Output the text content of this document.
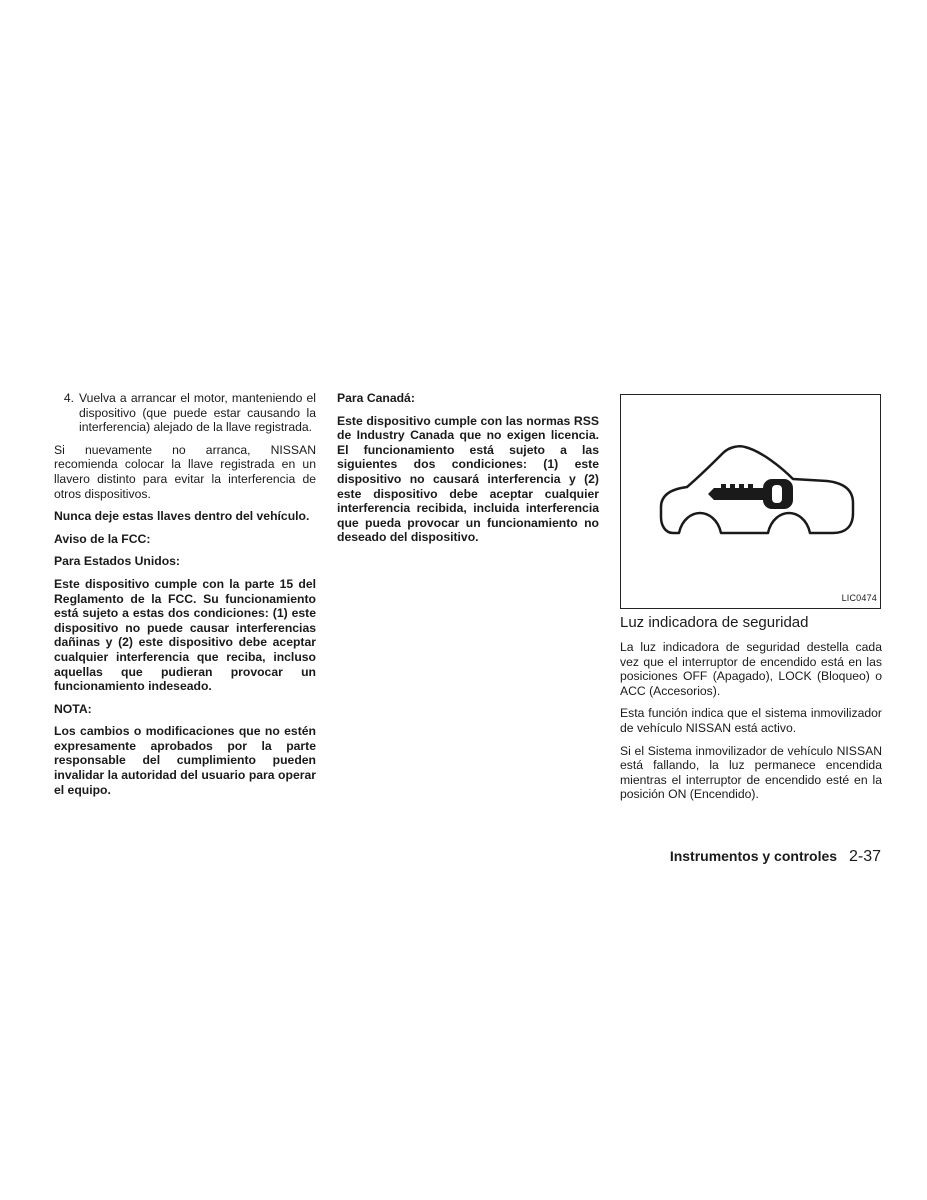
4. Vuelva a arrancar el motor, manteniendo el dispositivo (que puede estar causando la interferencia) alejado de la llave registrada.

Si nuevamente no arranca, NISSAN recomienda colocar la llave registrada en un llavero distinto para evitar la interferencia de otros dispositivos.

Nunca deje estas llaves dentro del vehículo.

Aviso de la FCC:

Para Estados Unidos:

Este dispositivo cumple con la parte 15 del Reglamento de la FCC. Su funcionamiento está sujeto a estas dos condiciones: (1) este dispositivo no puede causar interferencias dañinas y (2) este dispositivo debe aceptar cualquier interferencia que reciba, incluso aquellas que pudieran provocar un funcionamiento indeseado.

NOTA:

Los cambios o modificaciones que no estén expresamente aprobados por la parte responsable del cumplimiento pueden invalidar la autoridad del usuario para operar el equipo.

Para Canadá:

Este dispositivo cumple con las normas RSS de Industry Canada que no exigen licencia. El funcionamiento está sujeto a las siguientes dos condiciones: (1) este dispositivo no causará interferencia y (2) este dispositivo debe aceptar cualquier interferencia recibida, incluida interferencia que pueda provocar un funcionamiento no deseado del dispositivo.

LIC0474
Luz indicadora de seguridad

La luz indicadora de seguridad destella cada vez que el interruptor de encendido está en las posiciones OFF (Apagado), LOCK (Bloqueo) o ACC (Accesorios).

Esta función indica que el sistema inmovilizador de vehículo NISSAN está activo.

Si el Sistema inmovilizador de vehículo NISSAN está fallando, la luz permanece encendida mientras el interruptor de encendido esté en la posición ON (Encendido).

Instrumentos y controles 2-37
